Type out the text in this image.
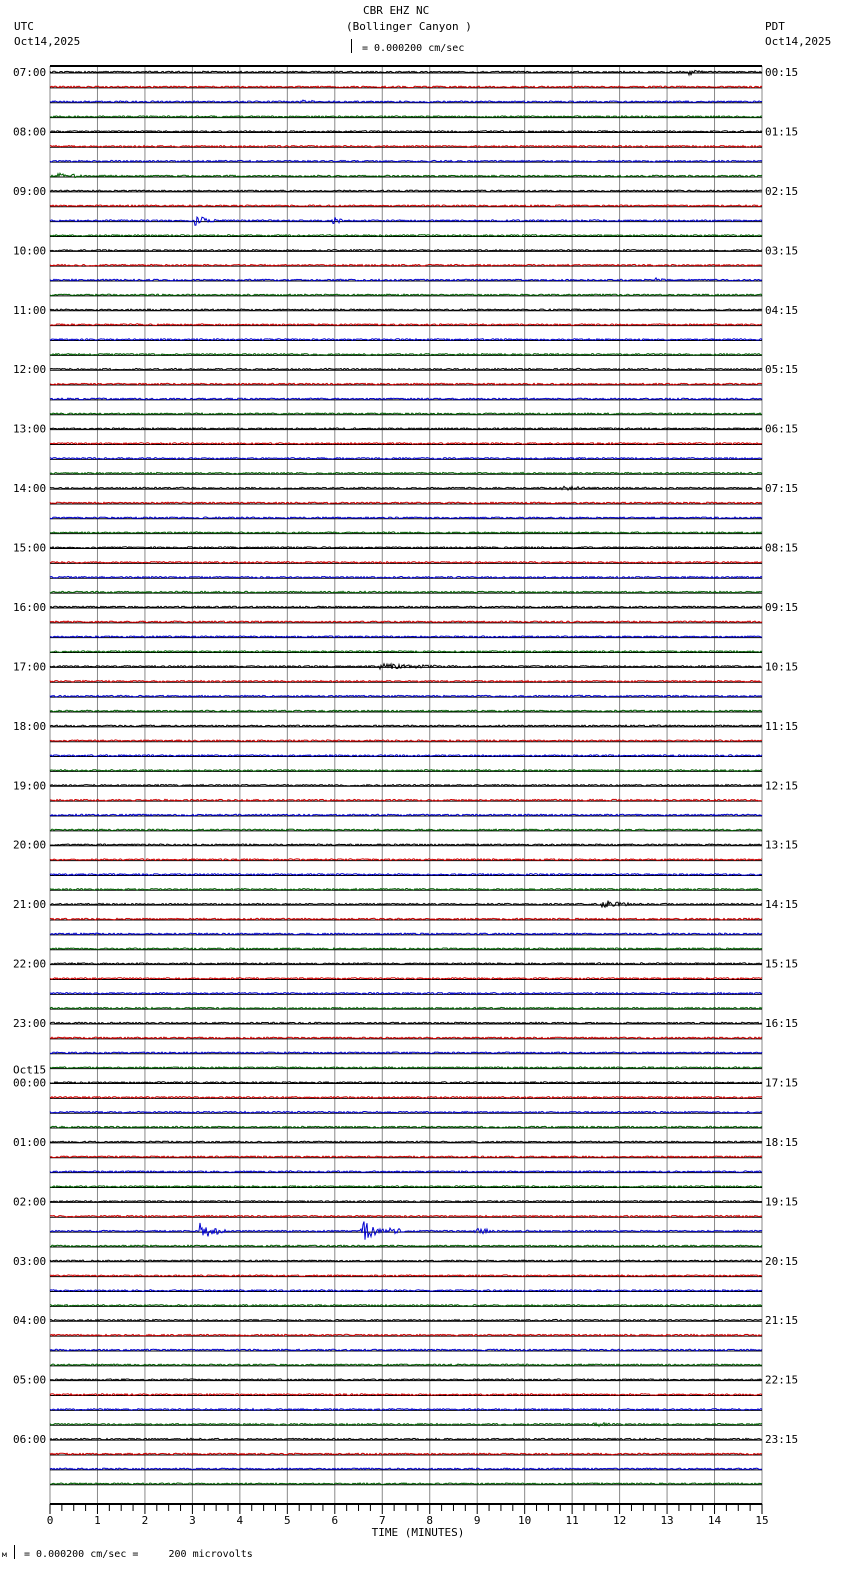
CBR EHZ NC
(Bollinger Canyon )
UTC
Oct14,2025
PDT
Oct14,2025
= 0.000200 cm/sec
07:00
08:00
09:00
10:00
11:00
12:00
13:00
14:00
15:00
16:00
17:00
18:00
19:00
20:00
21:00
22:00
23:00
00:00
Oct15
01:00
02:00
03:00
04:00
05:00
06:00
00:15
01:15
02:15
03:15
04:15
05:15
06:15
07:15
08:15
09:15
10:15
11:15
12:15
13:15
14:15
15:15
16:15
17:15
18:15
19:15
20:15
21:15
22:15
23:15
0	1	2	3	4	5	6	7	8	9	10	11	12	13	14	15
TIME (MINUTES)
м = 0.000200 cm/sec =     200 microvolts
